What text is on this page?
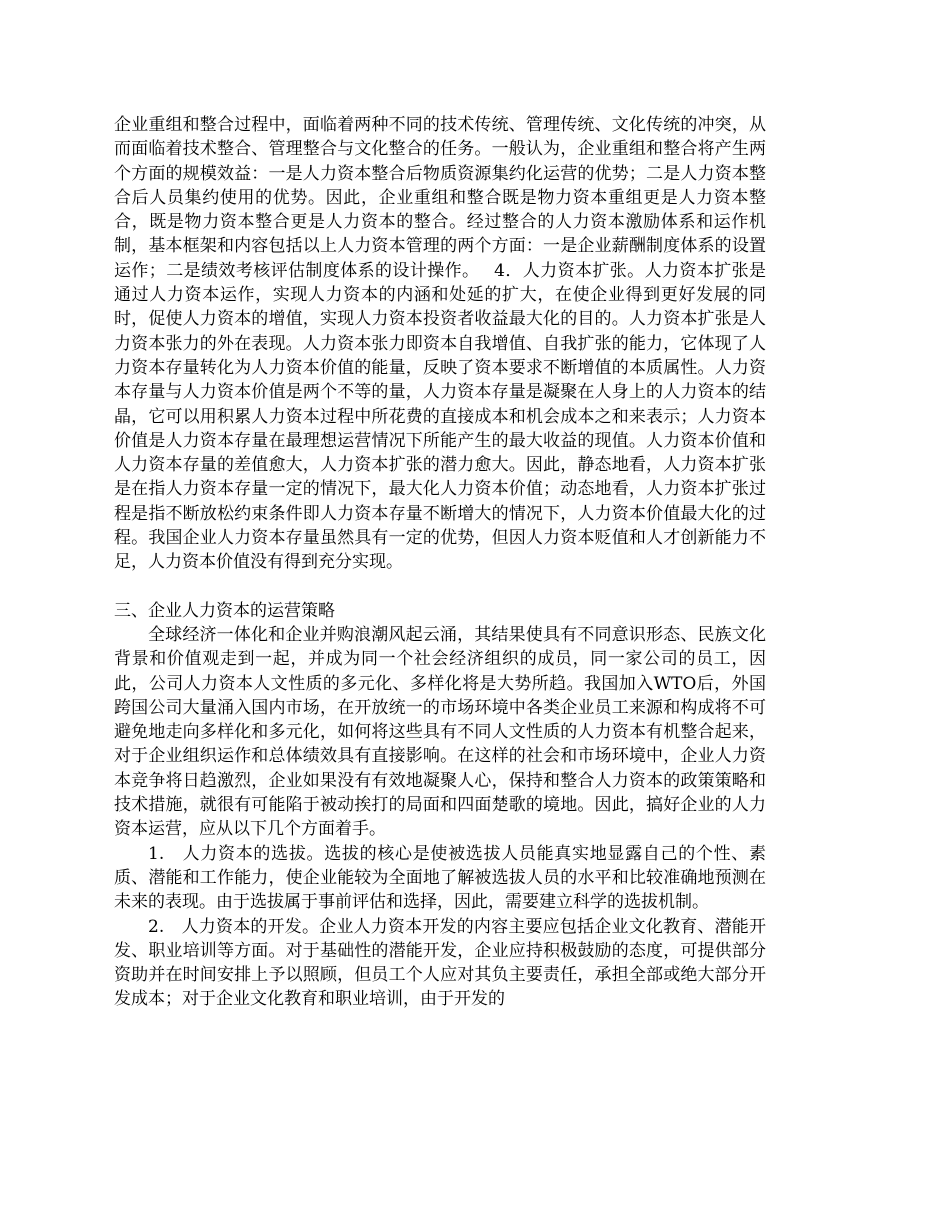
企业重组和整合过程中，面临着两种不同的技术传统、管理传统、文化传统的冲突，从而面临着技术整合、管理整合与文化整合的任务。一般认为，企业重组和整合将产生两个方面的规模效益：一是人力资本整合后物质资源集约化运营的优势；二是人力资本整合后人员集约使用的优势。因此，企业重组和整合既是物力资本重组更是人力资本整合，既是物力资本整合更是人力资本的整合。经过整合的人力资本激励体系和运作机制，基本框架和内容包括以上人力资本管理的两个方面：一是企业薪酬制度体系的设置运作；二是绩效考核评估制度体系的设计操作。　 4．人力资本扩张。人力资本扩张是通过人力资本运作，实现人力资本的内涵和处延的扩大，在使企业得到更好发展的同时，促使人力资本的增值，实现人力资本投资者收益最大化的目的。人力资本扩张是人力资本张力的外在表现。人力资本张力即资本自我增值、自我扩张的能力，它体现了人力资本存量转化为人力资本价值的能量，反映了资本要求不断增值的本质属性。人力资本存量与人力资本价值是两个不等的量，人力资本存量是凝聚在人身上的人力资本的结晶，它可以用积累人力资本过程中所花费的直接成本和机会成本之和来表示；人力资本价值是人力资本存量在最理想运营情况下所能产生的最大收益的现值。人力资本价值和人力资本存量的差值愈大，人力资本扩张的潜力愈大。因此，静态地看，人力资本扩张是在指人力资本存量一定的情况下，最大化人力资本价值；动态地看，人力资本扩张过程是指不断放松约束条件即人力资本存量不断增大的情况下，人力资本价值最大化的过程。我国企业人力资本存量虽然具有一定的优势，但因人力资本贬值和人才创新能力不足，人力资本价值没有得到充分实现。

三、企业人力资本的运营策略

全球经济一体化和企业并购浪潮风起云涌，其结果使具有不同意识形态、民族文化背景和价值观走到一起，并成为同一个社会经济组织的成员，同一家公司的员工，因此，公司人力资本人文性质的多元化、多样化将是大势所趋。我国加入WTO后，外国跨国公司大量涌入国内市场，在开放统一的市场环境中各类企业员工来源和构成将不可避免地走向多样化和多元化，如何将这些具有不同人文性质的人力资本有机整合起来，对于企业组织运作和总体绩效具有直接影响。在这样的社会和市场环境中，企业人力资本竞争将日趋激烈，企业如果没有有效地凝聚人心，保持和整合人力资本的政策策略和技术措施，就很有可能陷于被动挨打的局面和四面楚歌的境地。因此，搞好企业的人力资本运营，应从以下几个方面着手。

1.　人力资本的选拔。选拔的核心是使被选拔人员能真实地显露自己的个性、素质、潜能和工作能力，使企业能较为全面地了解被选拔人员的水平和比较准确地预测在未来的表现。由于选拔属于事前评估和选择，因此，需要建立科学的选拔机制。

2.　人力资本的开发。企业人力资本开发的内容主要应包括企业文化教育、潜能开发、职业培训等方面。对于基础性的潜能开发，企业应持积极鼓励的态度，可提供部分资助并在时间安排上予以照顾，但员工个人应对其负主要责任，承担全部或绝大部分开发成本；对于企业文化教育和职业培训，由于开发的
